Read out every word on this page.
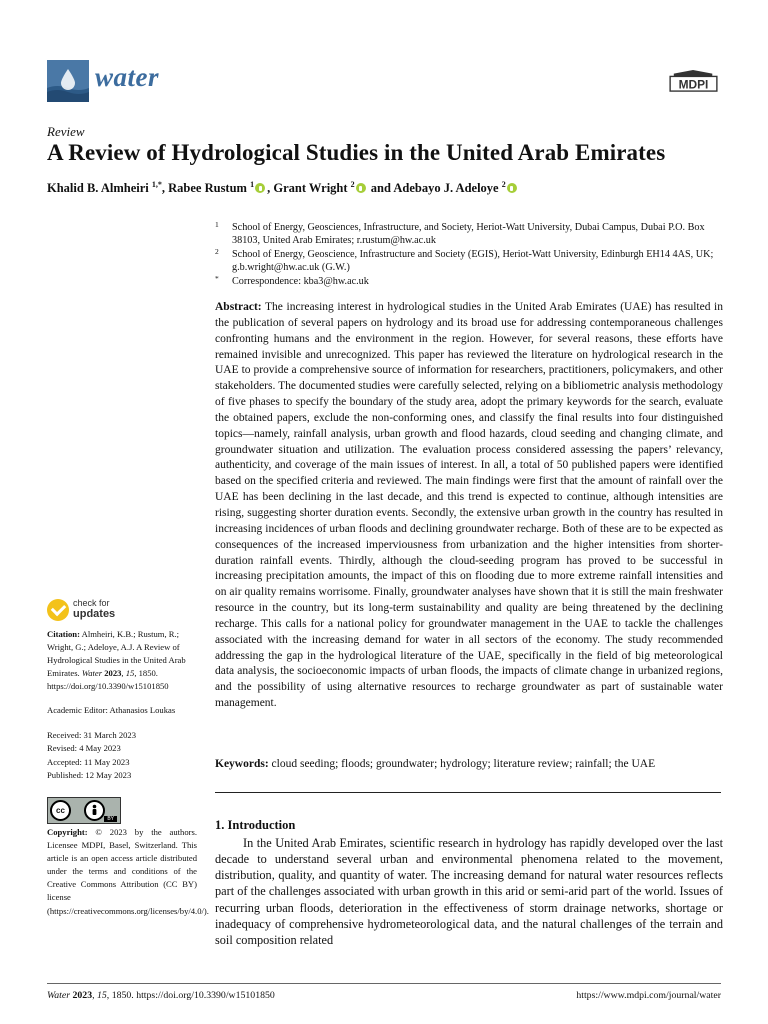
water	MDPI
Review
A Review of Hydrological Studies in the United Arab Emirates
Khalid B. Almheiri $^{1,*}$, Rabee Rustum $^1$ , Grant Wright $^2$ and Adebayo J. Adeloye $^2$
1 School of Energy, Geosciences, Infrastructure, and Society, Heriot-Watt University, Dubai Campus, Dubai P.O. Box 38103, United Arab Emirates; r.rustum@hw.ac.uk
2 School of Energy, Geoscience, Infrastructure and Society (EGIS), Heriot-Watt University, Edinburgh EH14 4AS, UK; g.b.wright@hw.ac.uk (G.W.)
* Correspondence: kba3@hw.ac.uk
Abstract: The increasing interest in hydrological studies in the United Arab Emirates (UAE) has resulted in the publication of several papers on hydrology and its broad use for addressing contemporaneous challenges confronting humans and the environment in the region. However, for several reasons, these efforts have remained invisible and unrecognized. This paper has reviewed the literature on hydrological research in the UAE to provide a comprehensive source of information for researchers, practitioners, policymakers, and other stakeholders. The documented studies were carefully selected, relying on a bibliometric analysis methodology of five phases to specify the boundary of the study area, adopt the primary keywords for the search, evaluate the obtained papers, exclude the non-conforming ones, and classify the final results into four distinguished topics—namely, rainfall analysis, urban growth and flood hazards, cloud seeding and changing climate, and groundwater situation and utilization. The evaluation process considered assessing the papers’ relevancy, authenticity, and coverage of the main issues of interest. In all, a total of 50 published papers were identified based on the specified criteria and reviewed. The main findings were first that the amount of rainfall over the UAE has been declining in the last decade, and this trend is expected to continue, although intensities are rising, suggesting shorter duration events. Secondly, the extensive urban growth in the country has resulted in increasing incidences of urban floods and declining groundwater recharge. Both of these are to be expected as consequences of the increased imperviousness from urbanization and the higher intensities from shorter-duration rainfall events. Thirdly, although the cloud-seeding program has proved to be successful in increasing precipitation amounts, the impact of this on flooding due to more extreme rainfall intensities and on air quality remains worrisome. Finally, groundwater analyses have shown that it is still the main freshwater resource in the country, but its long-term sustainability and quality are being threatened by the declining recharge. This calls for a national policy for groundwater management in the UAE to tackle the challenges associated with the increasing demand for water in all sectors of the economy. The study recommended addressing the gap in the hydrological literature of the UAE, specifically in the field of big meteorological data analysis, the socioeconomic impacts of urban floods, the impacts of climate change in urbanized regions, and the possibility of using alternative resources to recharge groundwater as part of sustainable water management.
Keywords: cloud seeding; floods; groundwater; hydrology; literature review; rainfall; the UAE
1. Introduction
In the United Arab Emirates, scientific research in hydrology has rapidly developed over the last decade to understand several urban and environmental phenomena related to the movement, distribution, quality, and quantity of water. The increasing demand for natural water resources reflects part of the challenges associated with urban growth in this arid or semi-arid part of the world. Issues of recurring urban floods, deterioration in the effectiveness of storm drainage networks, shortage or inadequacy of comprehensive hydrometeorological data, and the natural challenges of the terrain and soil composition related
check for
updates
Citation: Almheiri, K.B.; Rustum, R.; Wright, G.; Adeloye, A.J. A Review of Hydrological Studies in the United Arab Emirates. Water 2023, 15, 1850. https://doi.org/10.3390/w15101850
Academic Editor: Athanasios Loukas
Received: 31 March 2023
Revised: 4 May 2023
Accepted: 11 May 2023
Published: 12 May 2023
cc
BY
Copyright: © 2023 by the authors. Licensee MDPI, Basel, Switzerland. This article is an open access article distributed under the terms and conditions of the Creative Commons Attribution (CC BY) license (https://creativecommons.org/licenses/by/4.0/).
Water 2023, 15, 1850. https://doi.org/10.3390/w15101850	https://www.mdpi.com/journal/water
